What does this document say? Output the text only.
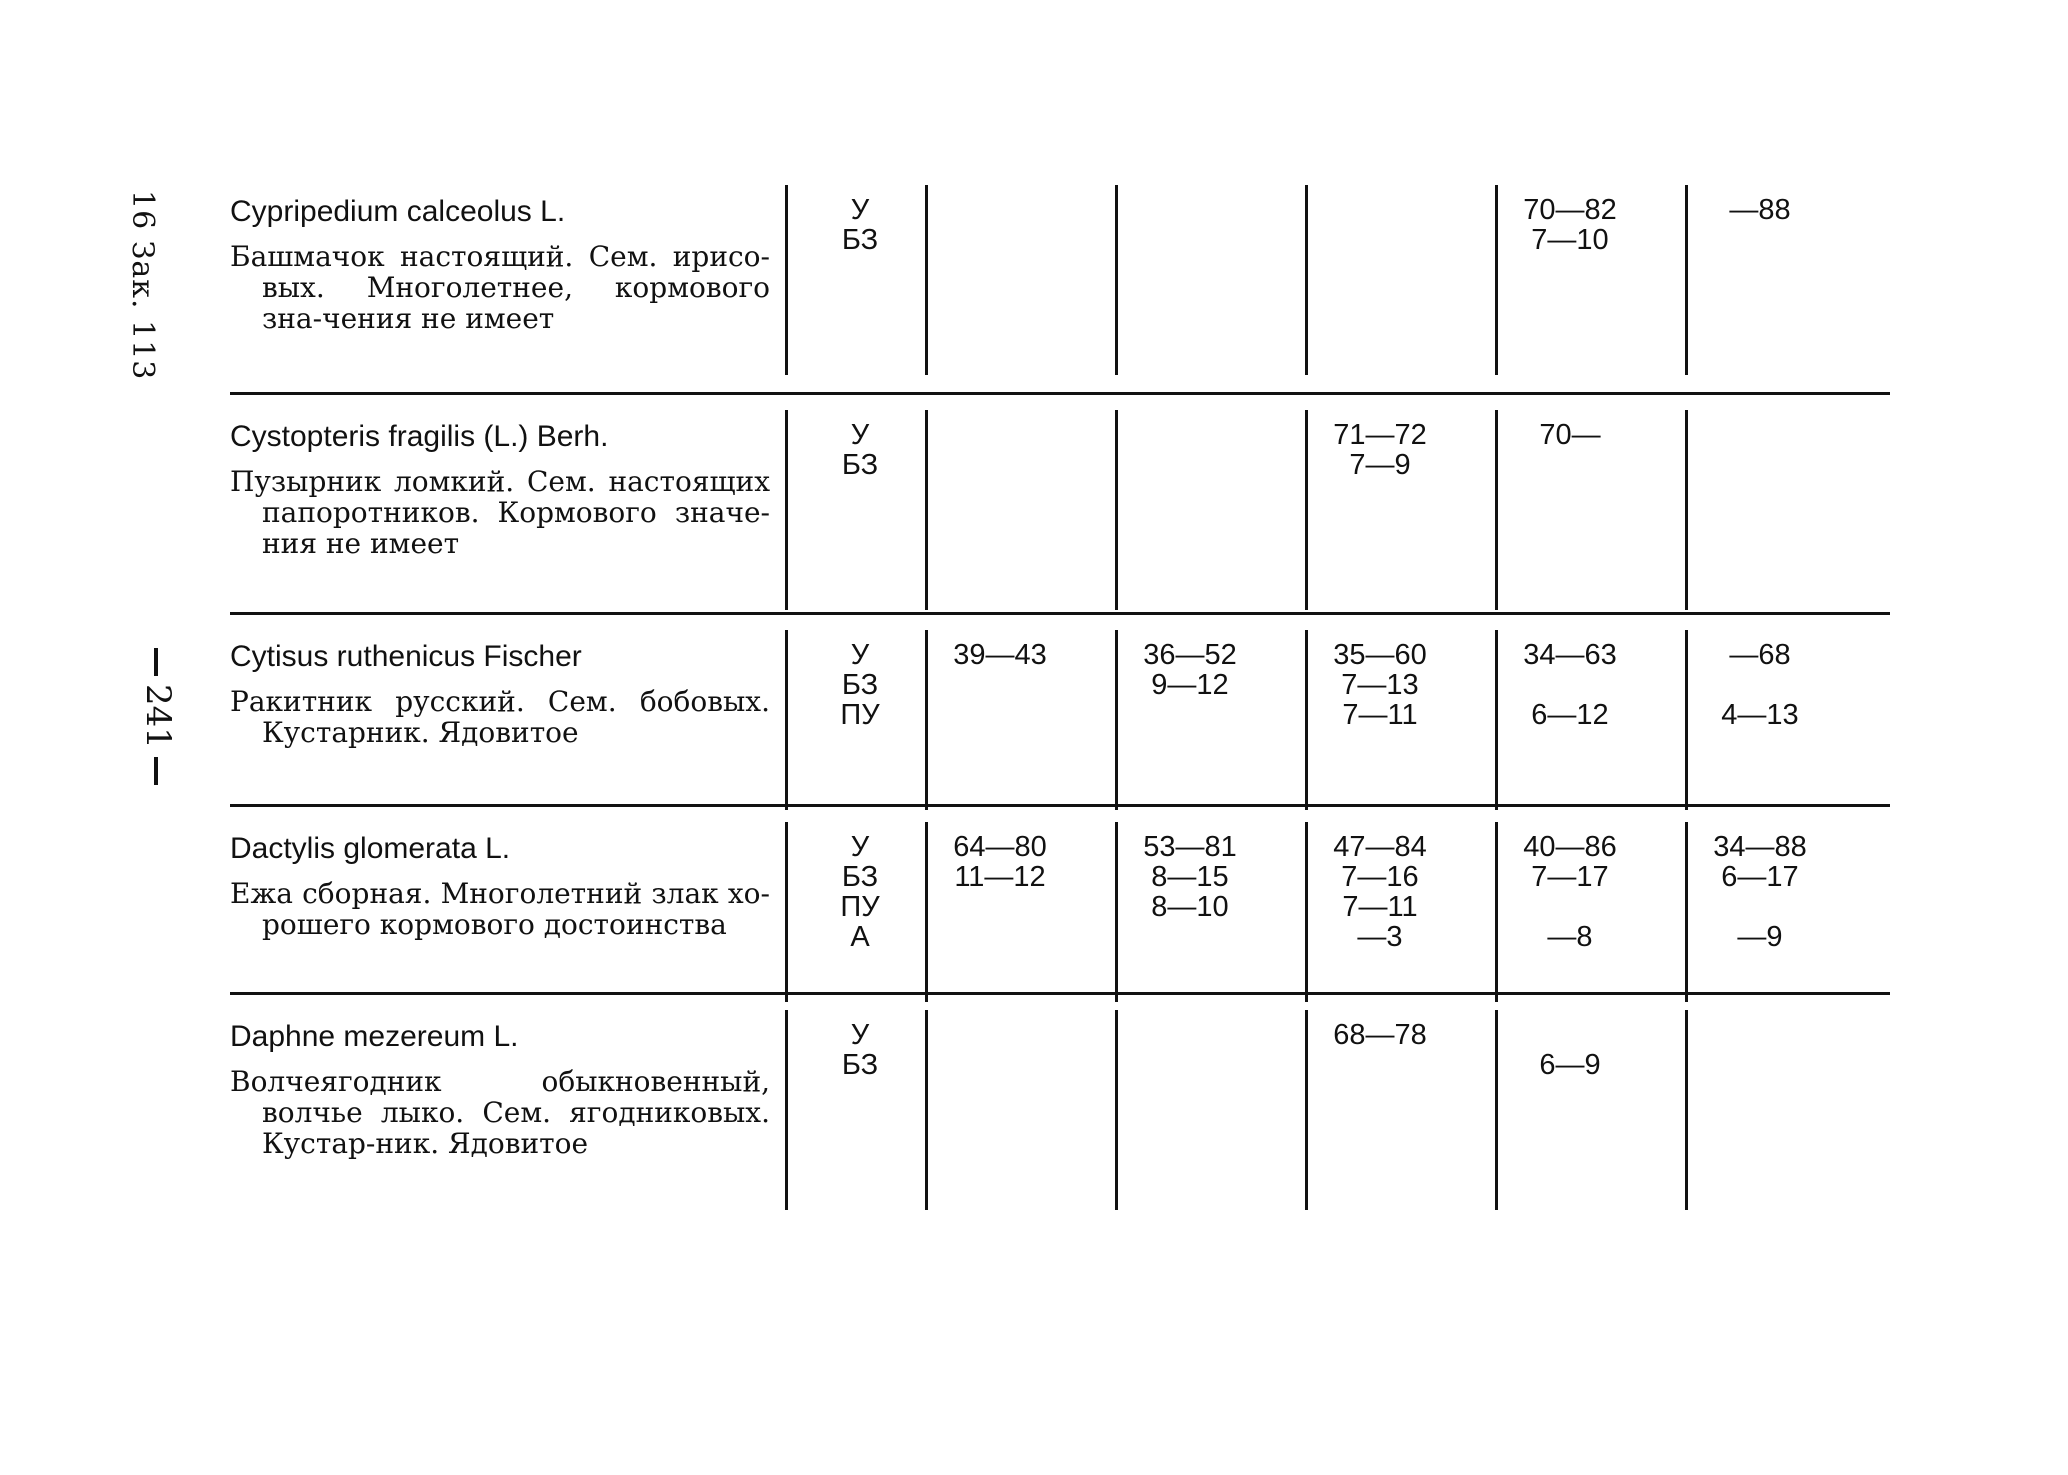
16 Зак. 113
241
Cypripedium calceolus L.
Башмачок настоящий. Сем. ирисо-вых. Многолетнее, кормового зна-чения не имеет
У
БЗ
70—82
7—10
—88
Cystopteris fragilis (L.) Berh.
Пузырник ломкий. Сем. настоящих папоротников. Кормового значе-ния не имеет
У
БЗ
71—72
7—9
70—
Cytisus ruthenicus Fischer
Ракитник русский. Сем. бобовых. Кустарник. Ядовитое
У
БЗ
ПУ
39—43	36—52
9—12
35—60
7—13
7—11
34—63

6—12
—68

4—13
Dactylis glomerata L.
Ежа сборная. Многолетний злак хо-рошего кормового достоинства
У
БЗ
ПУ
А
64—80
11—12
53—81
8—15
8—10
47—84
7—16
7—11
—3
40—86
7—17

—8
34—88
6—17

—9
Daphne mezereum L.
Волчеягодник обыкновенный, волчье лыко. Сем. ягодниковых. Кустар-ник. Ядовитое
У
БЗ
68—78

6—9
